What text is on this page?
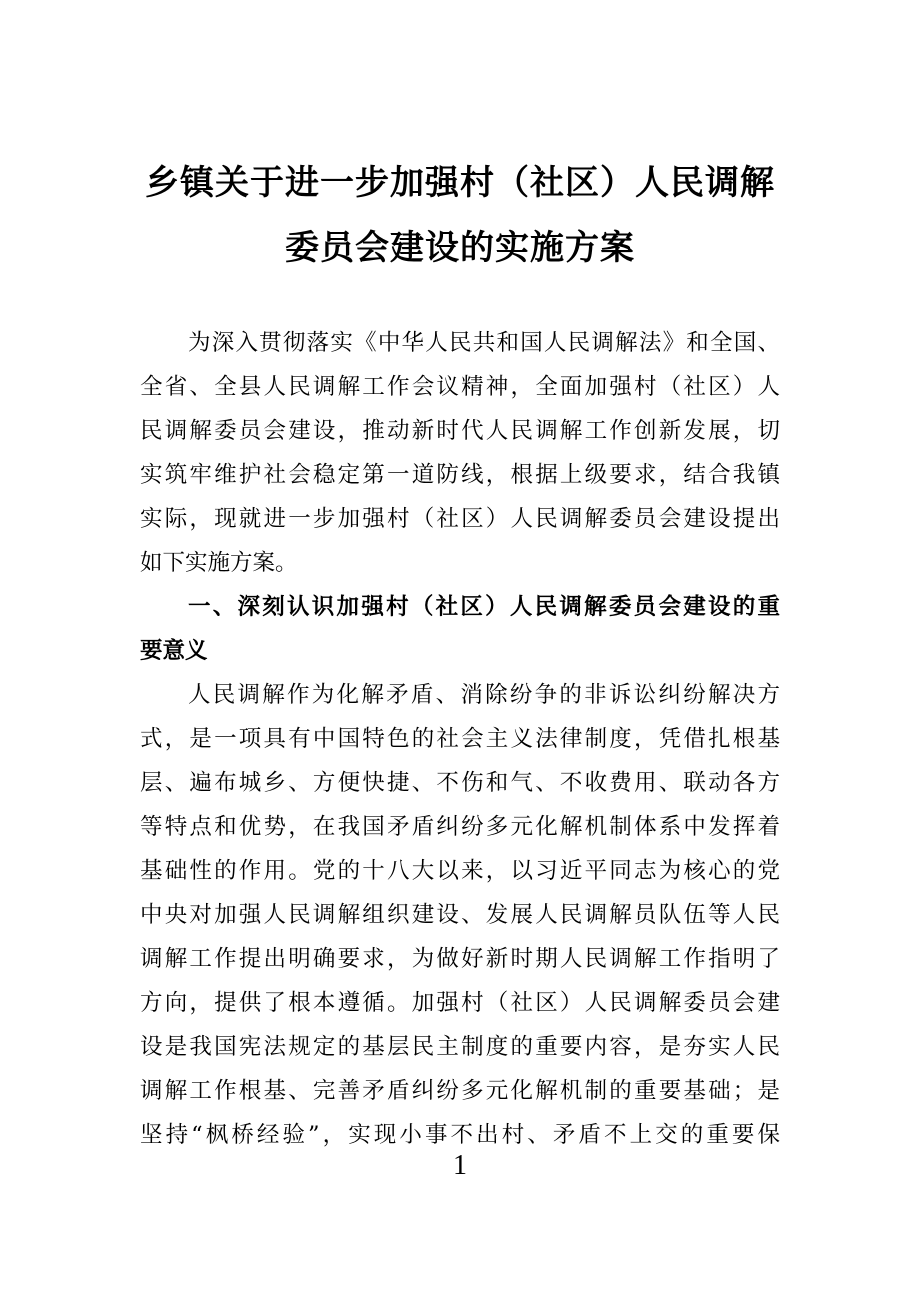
乡镇关于进一步加强村（社区）人民调解
委员会建设的实施方案
为深入贯彻落实《中华人民共和国人民调解法》和全国、
全省、全县人民调解工作会议精神，全面加强村（社区）人
民调解委员会建设，推动新时代人民调解工作创新发展，切
实筑牢维护社会稳定第一道防线，根据上级要求，结合我镇
实际，现就进一步加强村（社区）人民调解委员会建设提出
如下实施方案。
一、深刻认识加强村（社区）人民调解委员会建设的重
要意义
人民调解作为化解矛盾、消除纷争的非诉讼纠纷解决方
式，是一项具有中国特色的社会主义法律制度，凭借扎根基
层、遍布城乡、方便快捷、不伤和气、不收费用、联动各方
等特点和优势，在我国矛盾纠纷多元化解机制体系中发挥着
基础性的作用。党的十八大以来，以习近平同志为核心的党
中央对加强人民调解组织建设、发展人民调解员队伍等人民
调解工作提出明确要求，为做好新时期人民调解工作指明了
方向，提供了根本遵循。加强村（社区）人民调解委员会建
设是我国宪法规定的基层民主制度的重要内容，是夯实人民
调解工作根基、完善矛盾纠纷多元化解机制的重要基础；是
坚持“枫桥经验”，实现小事不出村、矛盾不上交的重要保
1
